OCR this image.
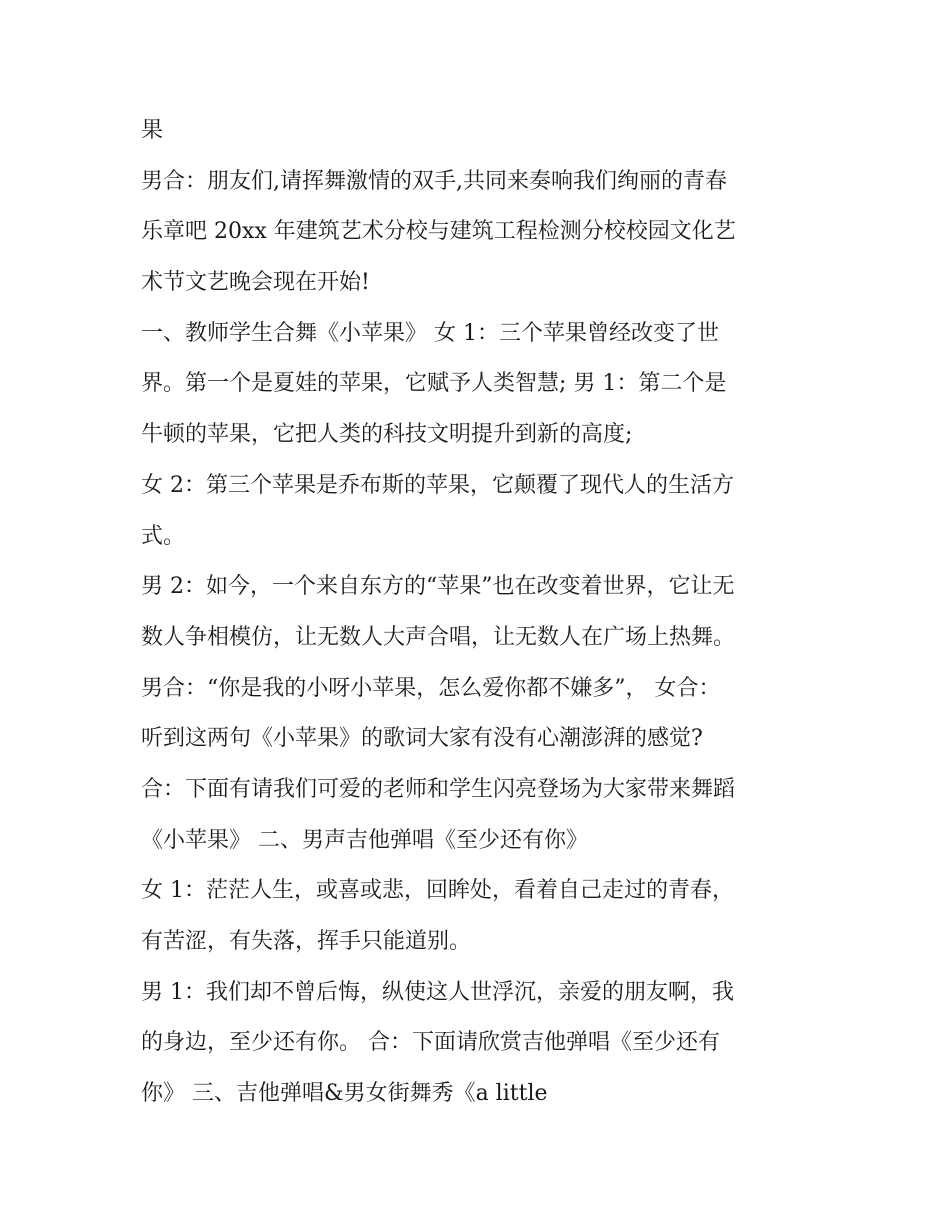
果
男合：朋友们,请挥舞激情的双手,共同来奏响我们绚丽的青春
乐章吧 20xx 年建筑艺术分校与建筑工程检测分校校园文化艺
术节文艺晚会现在开始!
一、教师学生合舞《小苹果》 女 1：三个苹果曾经改变了世
界。第一个是夏娃的苹果，它赋予人类智慧; 男 1：第二个是
牛顿的苹果，它把人类的科技文明提升到新的高度;
女 2：第三个苹果是乔布斯的苹果，它颠覆了现代人的生活方
式。
男 2：如今，一个来自东方的“苹果”也在改变着世界，它让无
数人争相模仿，让无数人大声合唱，让无数人在广场上热舞。
男合：“你是我的小呀小苹果，怎么爱你都不嫌多”， 女合：
听到这两句《小苹果》的歌词大家有没有心潮澎湃的感觉?
合：下面有请我们可爱的老师和学生闪亮登场为大家带来舞蹈
《小苹果》 二、男声吉他弹唱《至少还有你》
女 1：茫茫人生，或喜或悲，回眸处，看着自己走过的青春，
有苦涩，有失落，挥手只能道别。
男 1：我们却不曾后悔，纵使这人世浮沉，亲爱的朋友啊，我
的身边，至少还有你。 合：下面请欣赏吉他弹唱《至少还有
你》 三、吉他弹唱&男女街舞秀《a little
